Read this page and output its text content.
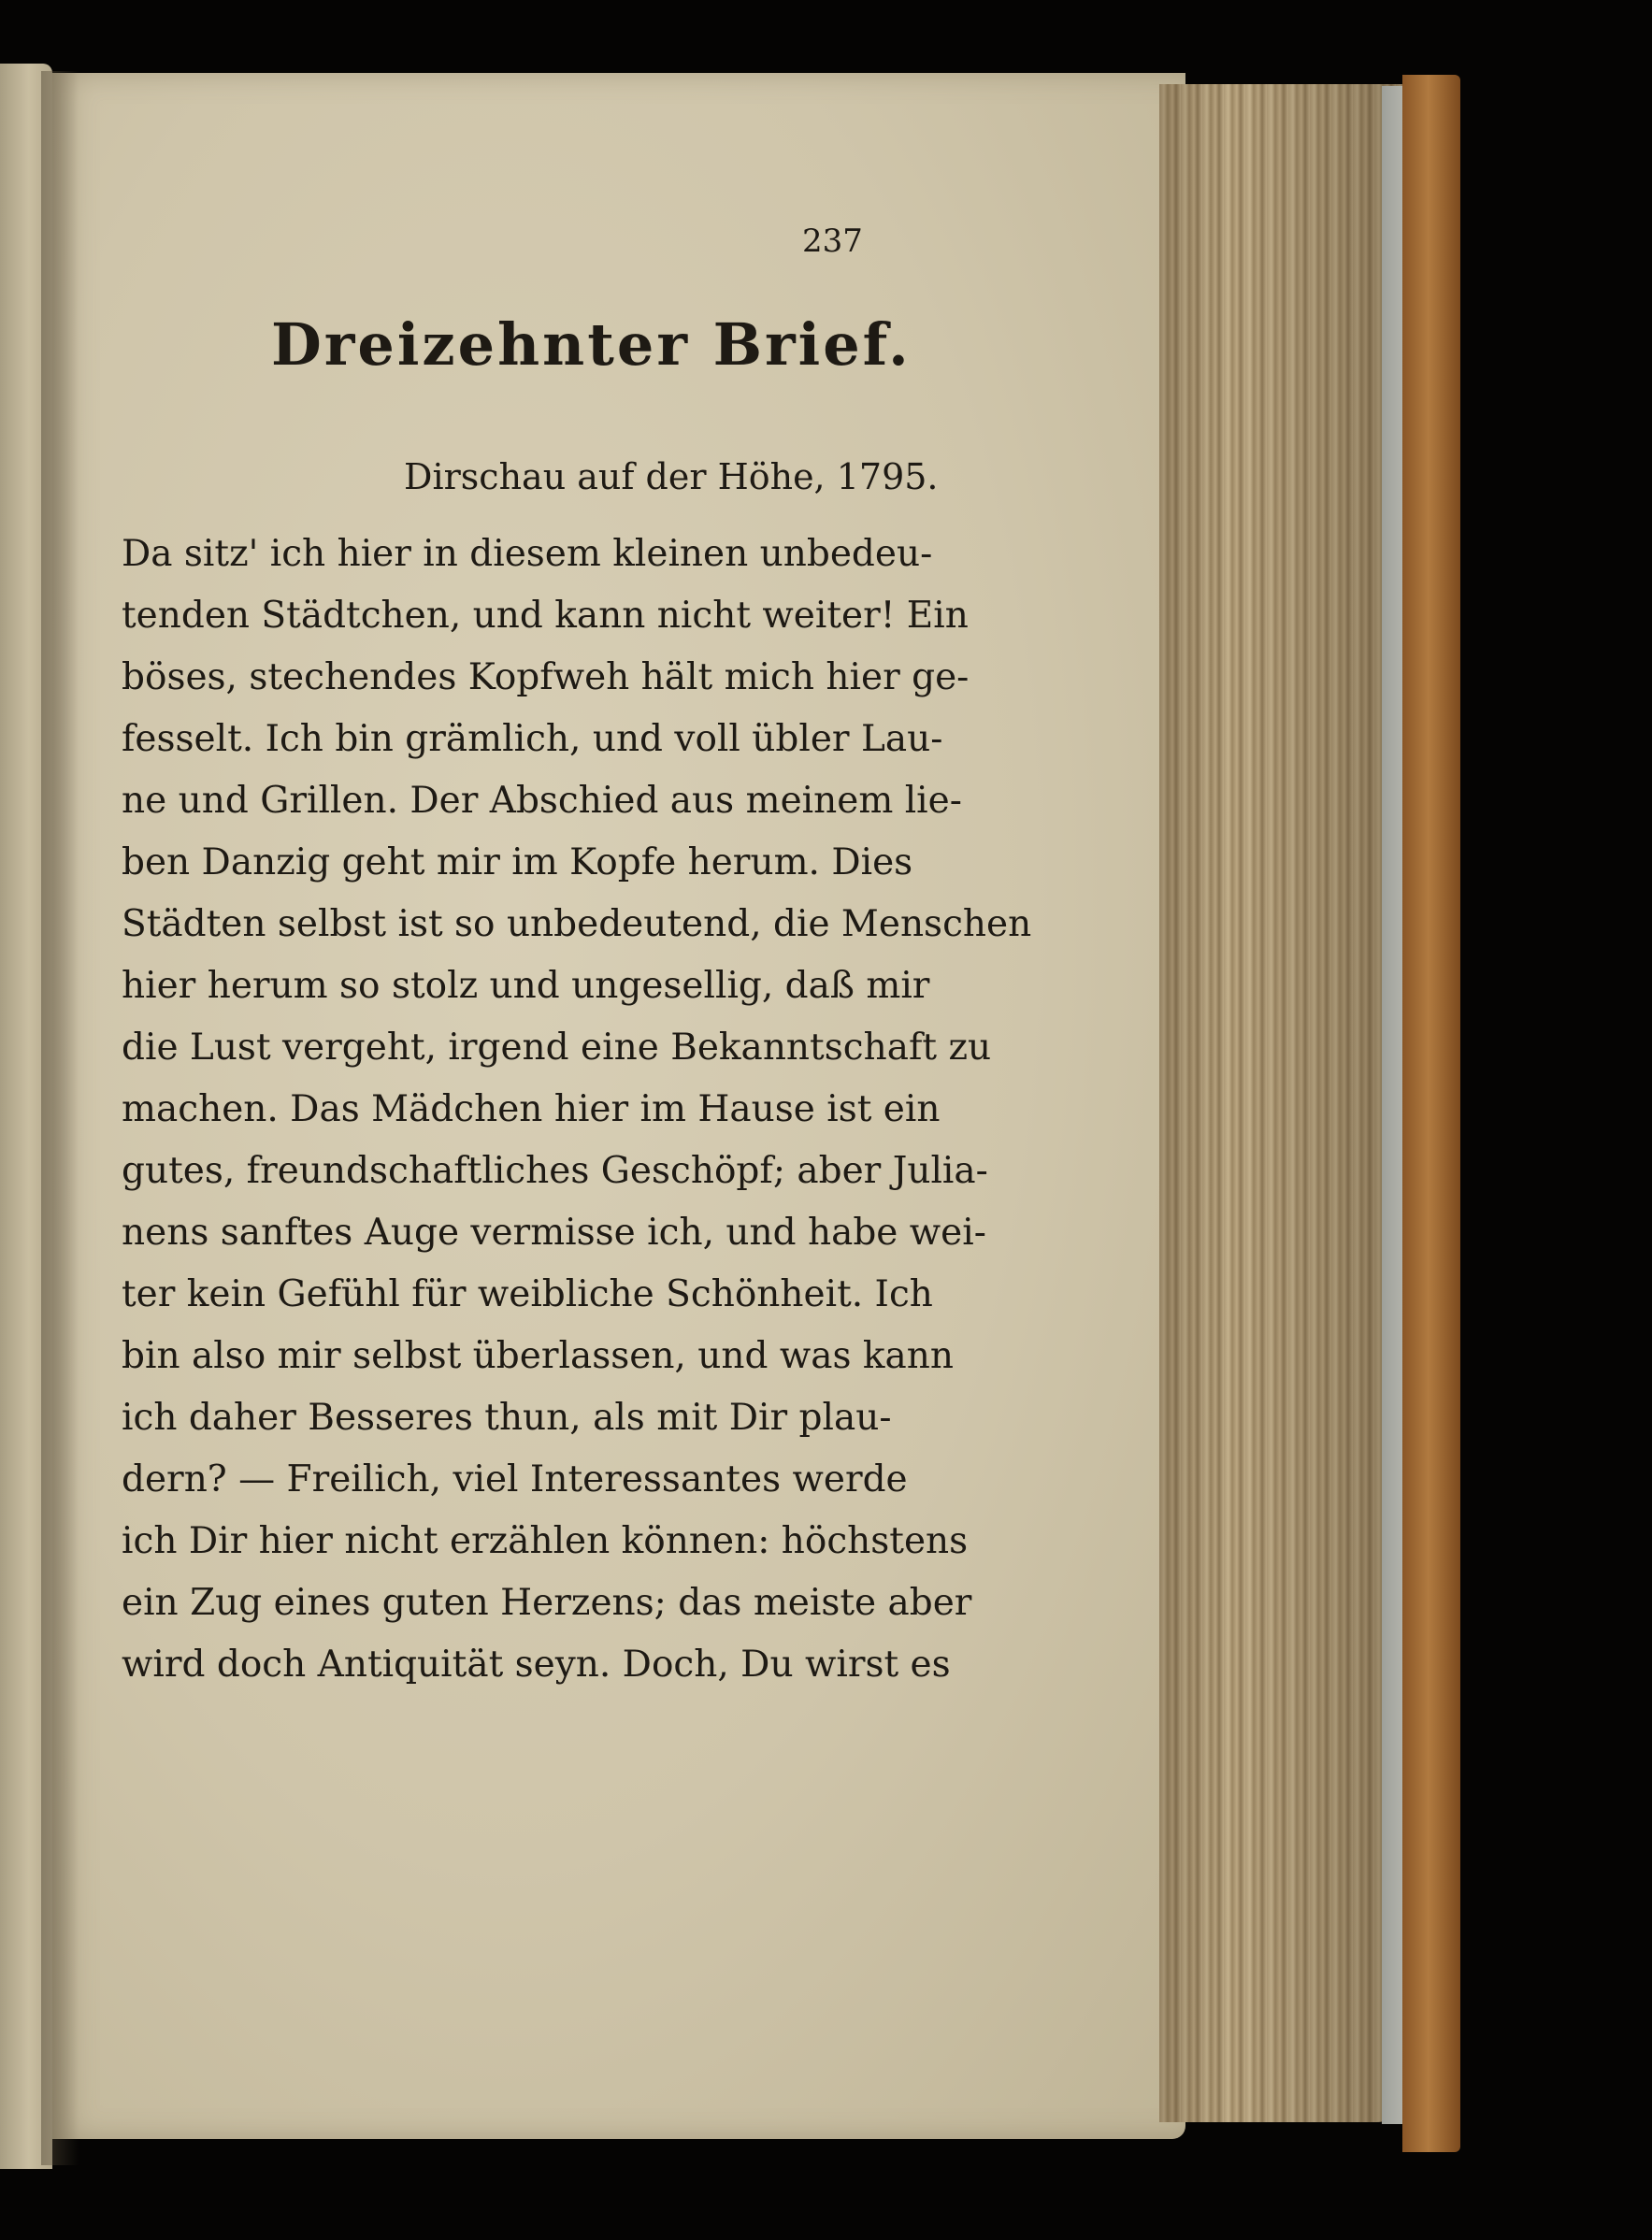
237
Dreizehnter Brief.
Dirschau auf der Höhe, 1795.
Da sitz' ich hier in diesem kleinen unbedeu-
tenden Städtchen, und kann nicht weiter! Ein
böses, stechendes Kopfweh hält mich hier ge-
fesselt. Ich bin grämlich, und voll übler Lau-
ne und Grillen. Der Abschied aus meinem lie-
ben Danzig geht mir im Kopfe herum. Dies
Städten selbst ist so unbedeutend, die Menschen
hier herum so stolz und ungesellig, daß mir
die Lust vergeht, irgend eine Bekanntschaft zu
machen. Das Mädchen hier im Hause ist ein
gutes, freundschaftliches Geschöpf; aber Julia-
nens sanftes Auge vermisse ich, und habe wei-
ter kein Gefühl für weibliche Schönheit. Ich
bin also mir selbst überlassen, und was kann
ich daher Besseres thun, als mit Dir plau-
dern? — Freilich, viel Interessantes werde
ich Dir hier nicht erzählen können: höchstens
ein Zug eines guten Herzens; das meiste aber
wird doch Antiquität seyn. Doch, Du wirst es
